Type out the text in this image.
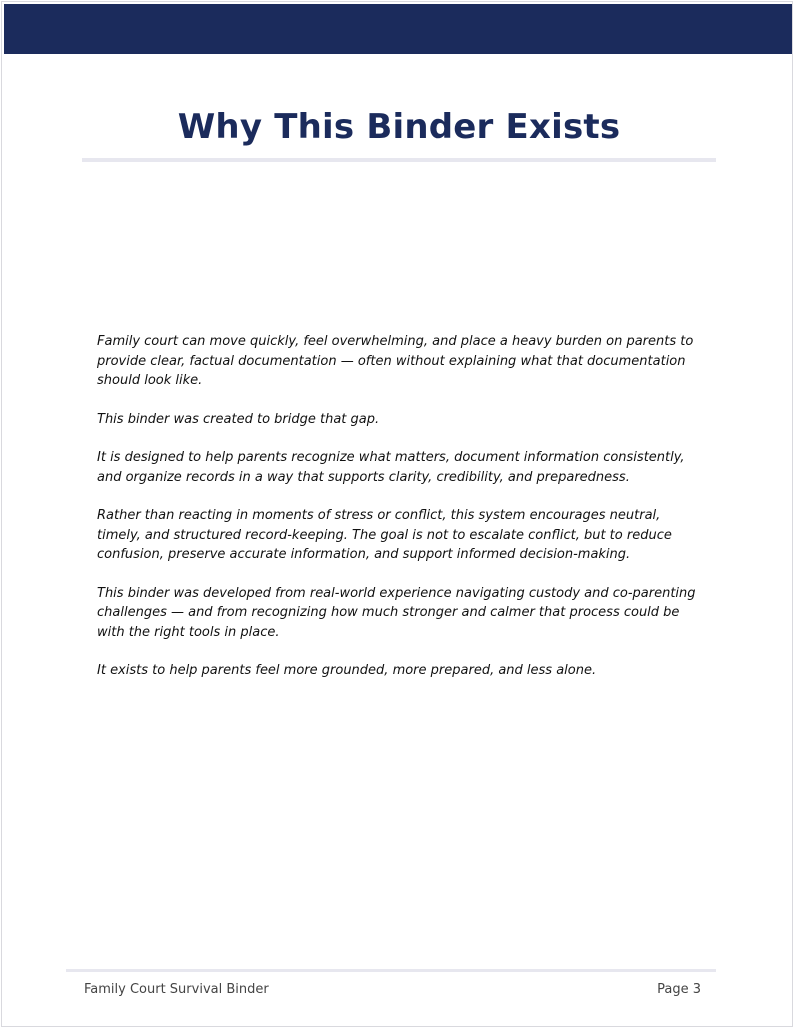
Why This Binder Exists

Family court can move quickly, feel overwhelming, and place a heavy burden on parents to provide clear, factual documentation — often without explaining what that documentation should look like.

This binder was created to bridge that gap.

It is designed to help parents recognize what matters, document information consistently, and organize records in a way that supports clarity, credibility, and preparedness.

Rather than reacting in moments of stress or conflict, this system encourages neutral, timely, and structured record-keeping. The goal is not to escalate conflict, but to reduce confusion, preserve accurate information, and support informed decision-making.

This binder was developed from real-world experience navigating custody and co-parenting challenges — and from recognizing how much stronger and calmer that process could be with the right tools in place.

It exists to help parents feel more grounded, more prepared, and less alone.

Family Court Survival Binder	Page 3
